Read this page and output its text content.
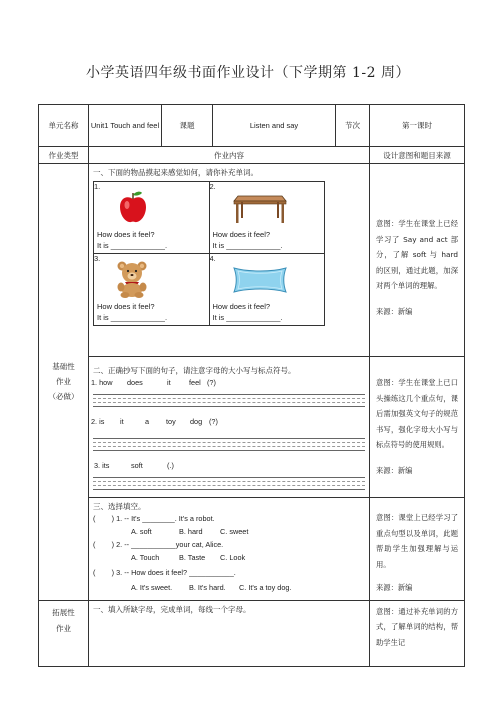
小学英语四年级书面作业设计（下学期第 1-2 周）
单元名称	Unit1 Touch and feel	课题	Listen and say	节次	第一课时
作业类型	作业内容	设计意图和题目来源

基础性
作业
（必做）

一、下面的物品摸起来感觉如何，请你补充单词。
1.
How does it feel?
It is _____________.

2.
How does it feel?
It is _____________.

3.
How does it feel?
It is _____________.

4.
How does it feel?
It is _____________.

意图：学生在课堂上已经学习了 Say and act 部分，了解 soft 与 hard 的区别，通过此题，加深对两个单词的理解。
来源：新编

二、正确抄写下面的句子，请注意字母的大小写与标点符号。
1. how does	it	feel (?)
2. is it	a toy dog (?)
3. its	soft	(.)

意图：学生在课堂上已口头操练这几个重点句，课后需加强英文句子的规范书写，强化字母大小写与标点符号的使用规则。
来源：新编

三、选择填空。
(        ) 1. -- It's ________. It's a robot.
A. soft	B. hard C. sweet
(        ) 2. -- ___________your cat, Alice.
A. Touch	B. Taste C. Look
(        ) 3. -- How does it feel? ___________.
A. It's sweet. B. It's hard. C. It's a toy dog.

意图：课堂上已经学习了重点句型以及单词，此题帮助学生加强理解与运用。
来源：新编

拓展性
作业

一、填入所缺字母，完成单词，每线一个字母。	意图：通过补充单词的方式，了解单词的结构，帮助学生记
